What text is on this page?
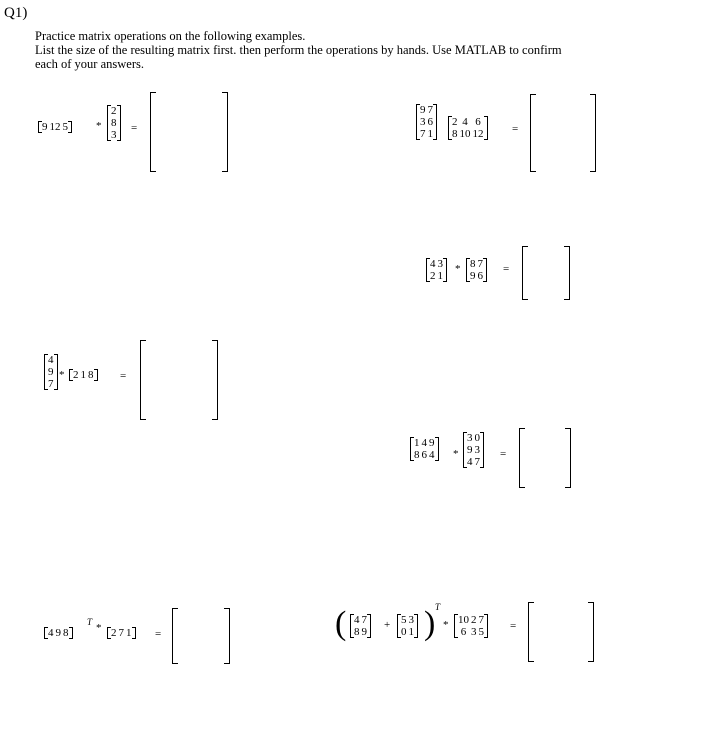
Q1)
Practice matrix operations on the following examples.
List the size of the resulting matrix first. then perform the operations by hands. Use MATLAB to confirm
each of your answers.
9 12 5	*
2
8
3
=
9 7
3 6
7 1
2 4 6
8 10 12	=
4 3
2 1
* 8 7
9 6
=
4
9
7
* 2 1 8 =
1 4 9
8 6 4 *
3 0
9 3
4 7
=
4 9 8
T * 2 7 1 =	( 4 7
8 9
+ 5 3
0 1 ) T
* 10 2 7
6 3 5 =
